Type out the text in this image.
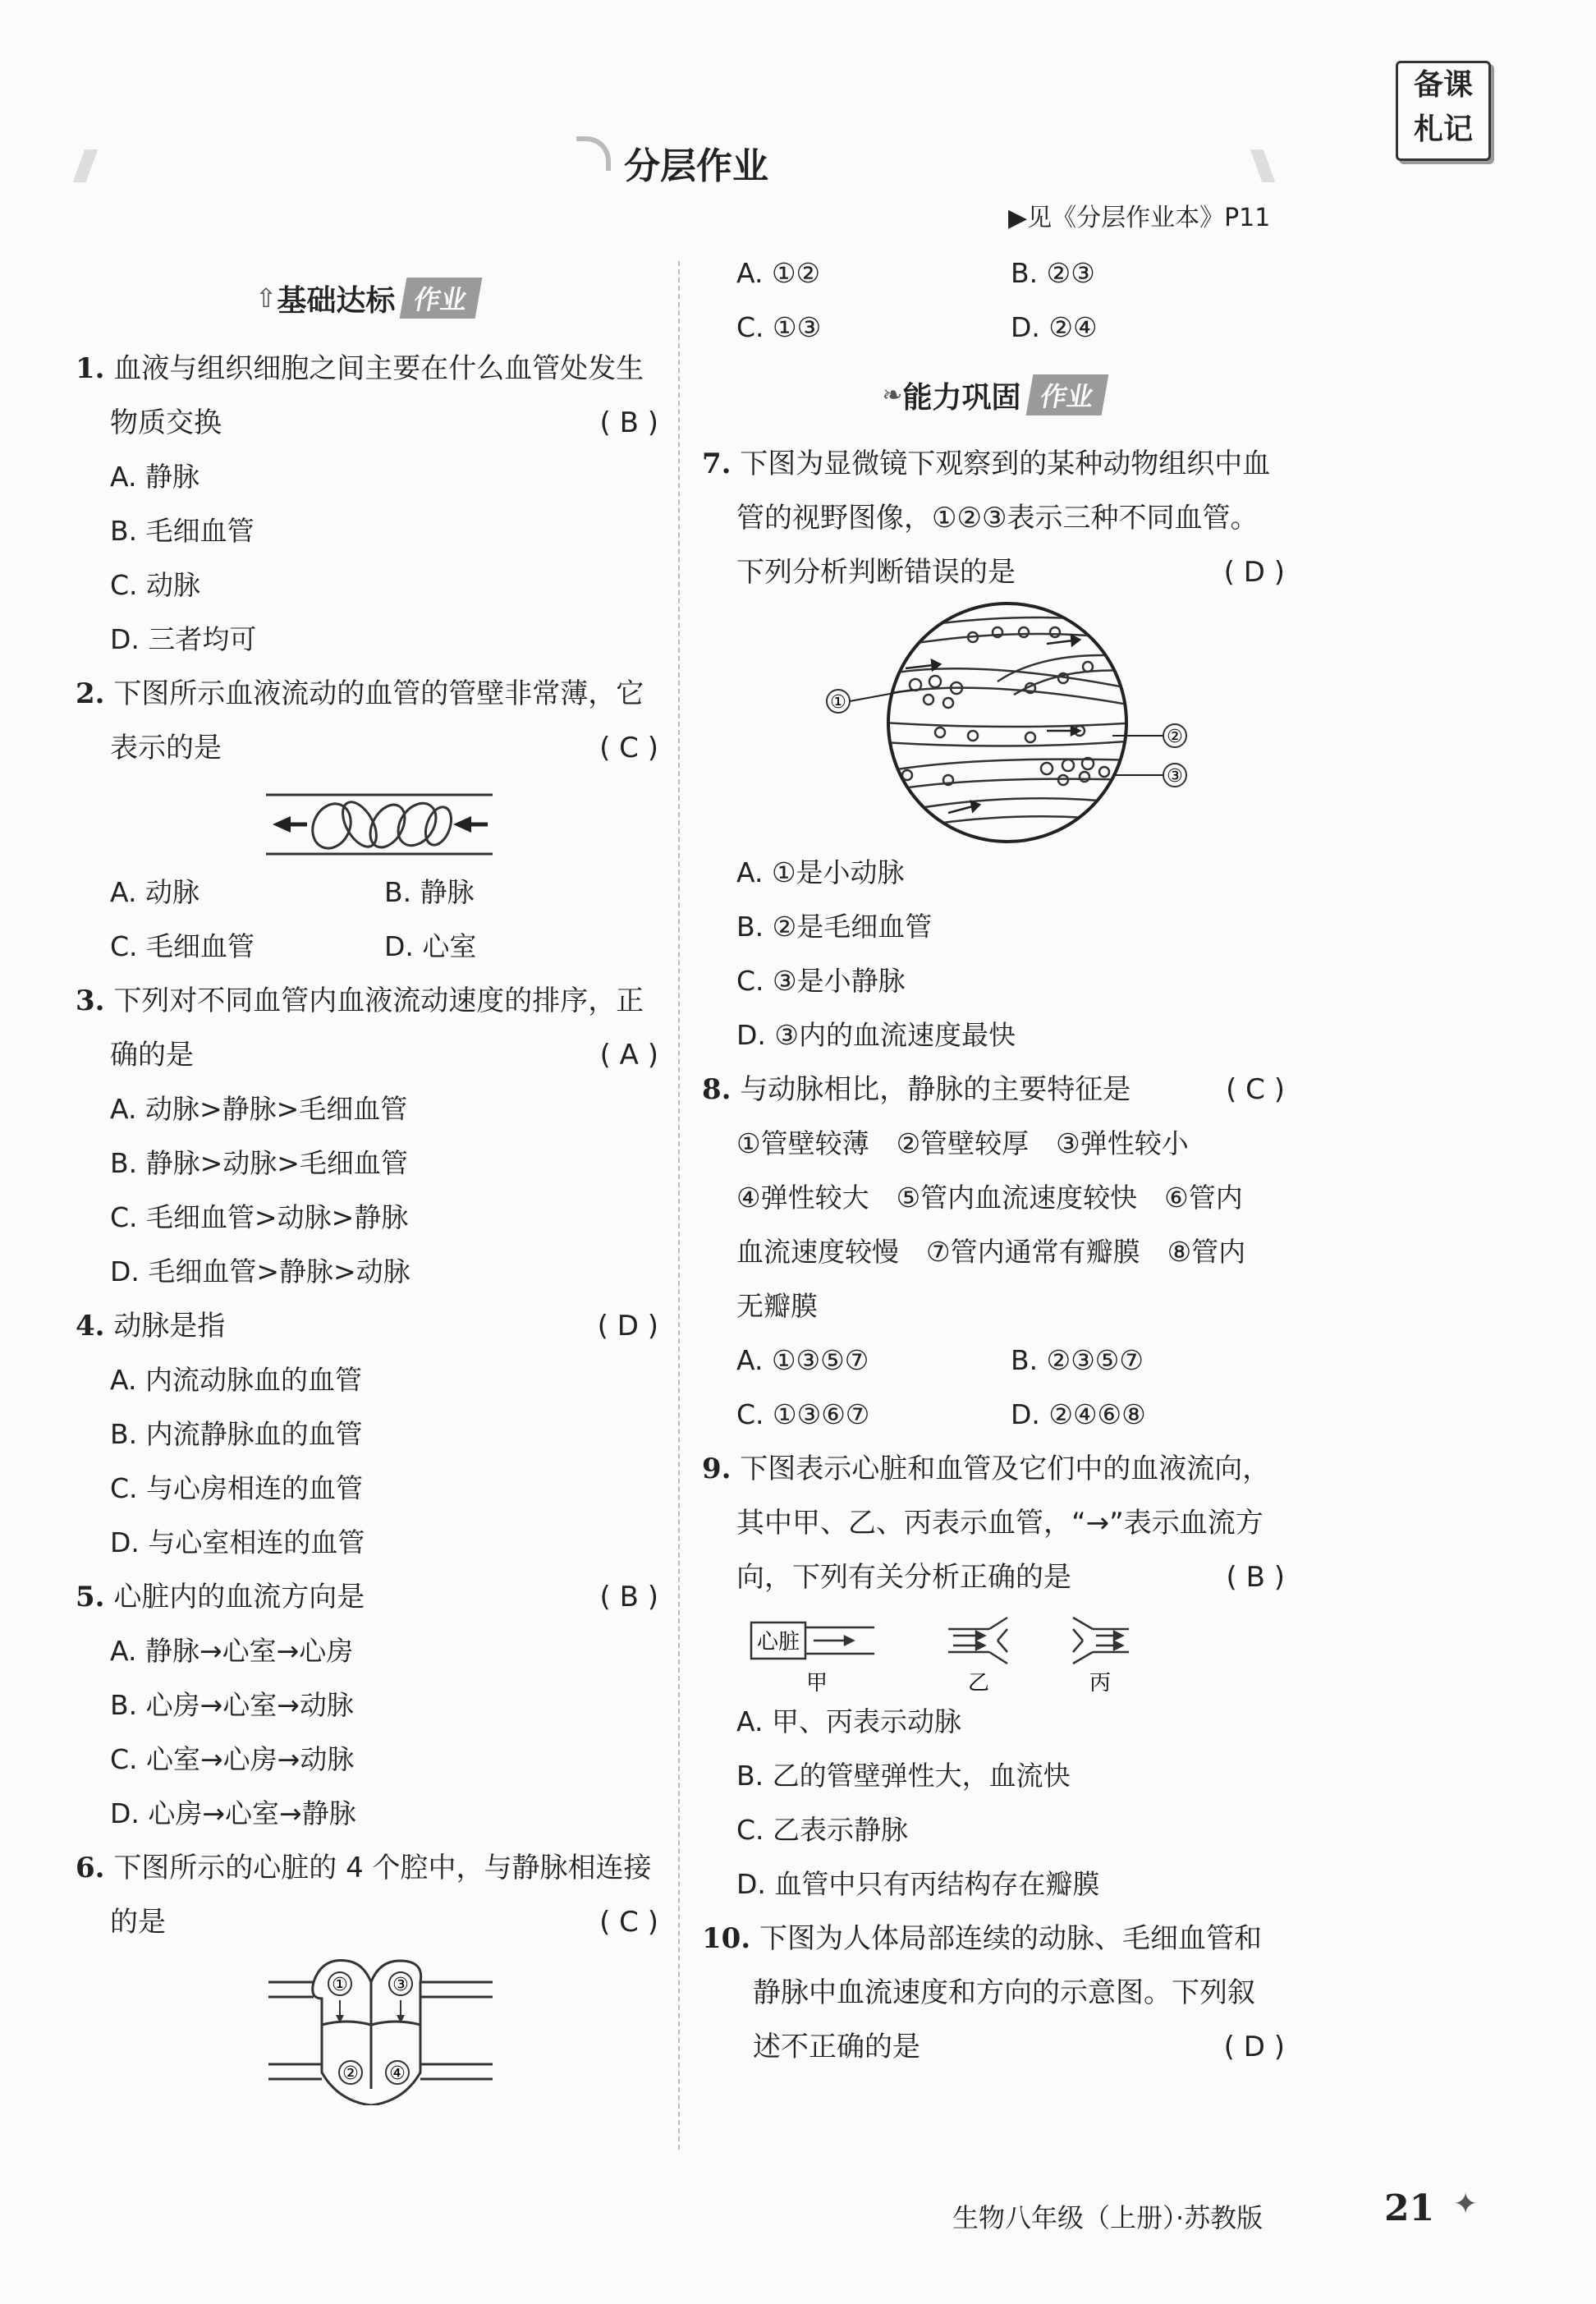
分层作业
▶见《分层作业本》P11
备课
札记
⇧ 基础达标 作业
1. 血液与组织细胞之间主要在什么血管处发生
物质交换	( B )
A. 静脉
B. 毛细血管
C. 动脉
D. 三者均可
2. 下图所示血液流动的血管的管壁非常薄，它
表示的是	( C )
A. 动脉	B. 静脉
C. 毛细血管	D. 心室
3. 下列对不同血管内血液流动速度的排序，正
确的是	( A )
A. 动脉>静脉>毛细血管
B. 静脉>动脉>毛细血管
C. 毛细血管>动脉>静脉
D. 毛细血管>静脉>动脉
4. 动脉是指	( D )
A. 内流动脉血的血管
B. 内流静脉血的血管
C. 与心房相连的血管
D. 与心室相连的血管
5. 心脏内的血流方向是	( B )
A. 静脉→心室→心房
B. 心房→心室→动脉
C. 心室→心房→动脉
D. 心房→心室→静脉
6. 下图所示的心脏的 4 个腔中，与静脉相连接
的是	( C )
①
②
③
④
A. ①②	B. ②③
C. ①③	D. ②④
❧ 能力巩固 作业
7. 下图为显微镜下观察到的某种动物组织中血
管的视野图像，①②③表示三种不同血管。
下列分析判断错误的是	( D )
①
②
③
A. ①是小动脉
B. ②是毛细血管
C. ③是小静脉
D. ③内的血流速度最快
8. 与动脉相比，静脉的主要特征是	( C )
①管壁较薄　②管壁较厚　③弹性较小
④弹性较大　⑤管内血流速度较快　⑥管内
血流速度较慢　⑦管内通常有瓣膜　⑧管内
无瓣膜
A. ①③⑤⑦	B. ②③⑤⑦
C. ①③⑥⑦	D. ②④⑥⑧
9. 下图表示心脏和血管及它们中的血液流向，
其中甲、乙、丙表示血管，“→”表示血流方
向，下列有关分析正确的是	( B )
心脏
甲	乙	丙
A. 甲、丙表示动脉
B. 乙的管壁弹性大，血流快
C. 乙表示静脉
D. 血管中只有丙结构存在瓣膜
10. 下图为人体局部连续的动脉、毛细血管和
静脉中血流速度和方向的示意图。下列叙
述不正确的是	( D )
生物八年级（上册）·苏教版	21 ✦
